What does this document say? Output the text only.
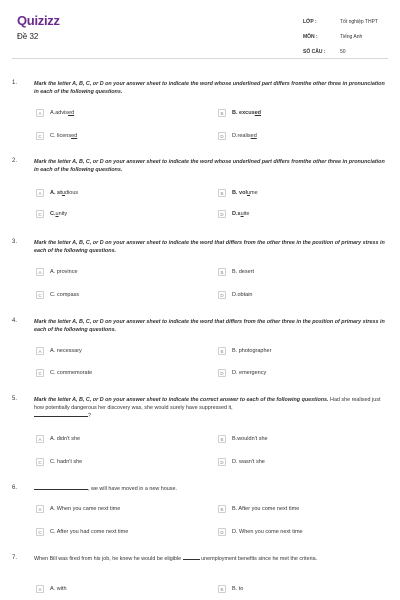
Quizizz
Đề 32
LỚP :	Tốt nghiệp THPT
MÔN :	Tiếng Anh
SỐ CÂU :	50
1.	Mark the letter A, B, C, or D on your answer sheet to indicate the word whose underlined part differs fromthe other three in pronunciation in each of the following questions.
A	A.advised	B	B. excused
C	C. licensed	D	D.realised
2.	Mark the letter A, B, C, or D on your answer sheet to indicate the word whose underlined part differs fromthe other three in pronunciation in each of the following questions.
A	A. studious	B	B. volume
C	C.unity	D	D.suite
3.	Mark the letter A, B, C, or D on your answer sheet to indicate the word that differs from the other three in the position of primary stress in each of the following questions.
A	A. province	B	B. desert
C	C. compass	D	D.obtain
4.	Mark the letter A, B, C, or D on your answer sheet to indicate the word that differs from the other three in the position of primary stress in each of the following questions.
A	A. necessary	B	B. photographer
C	C. commemorate	D	D. emergency
5.	Mark the letter A, B, C, or D on your answer sheet to indicate the correct answer to each of the following questions. Had she realised just how potentially dangerous her discovery was, she would surely have suppressed it,
?
A	A. didn't she	B	B.wouldn't she
C	C. hadn't she	D	D. wasn't she
6.	, we will have moved in a new house.
A	A. When you came next time	B	B. After you come next time
C	C. After you had come next time	D	D. When you come next time
7.	When Bill was fired from his job, he knew he would be eligible	unemployment benefits since he met the criteria.
A	A. with	B	B. to
